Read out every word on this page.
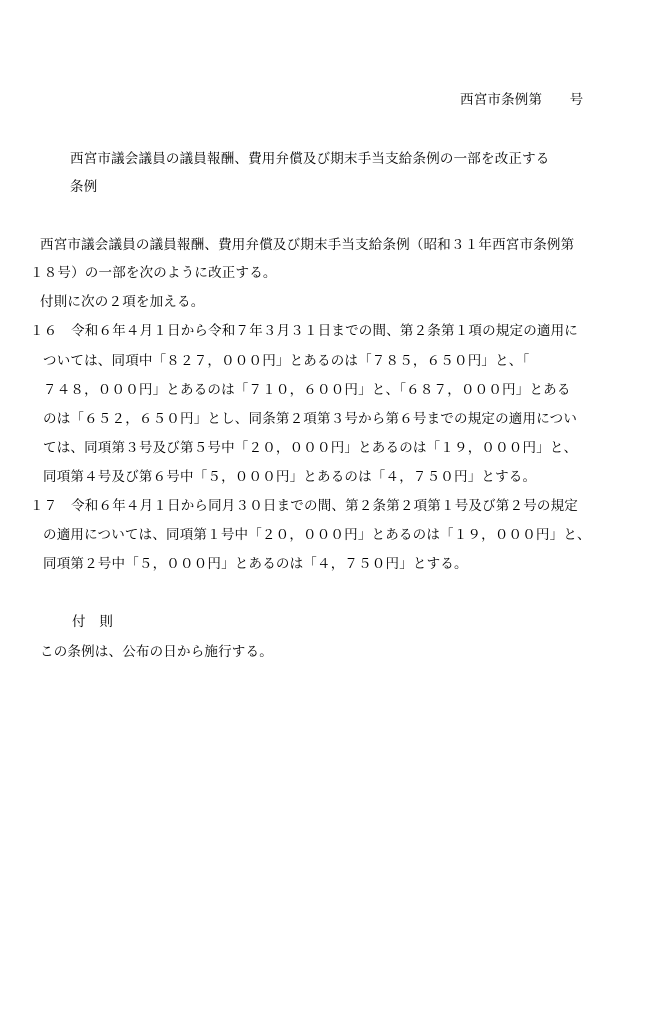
西宮市条例第　　号
西宮市議会議員の議員報酬、費用弁償及び期末手当支給条例の一部を改正する
条例
西宮市議会議員の議員報酬、費用弁償及び期末手当支給条例（昭和３１年西宮市条例第
１８号）の一部を次のように改正する。
付則に次の２項を加える。
１６　令和６年４月１日から令和７年３月３１日までの間、第２条第１項の規定の適用に
ついては、同項中「８２７，０００円」とあるのは「７８５，６５０円」と、「
７４８，０００円」とあるのは「７１０，６００円」と、「６８７，０００円」とある
のは「６５２，６５０円」とし、同条第２項第３号から第６号までの規定の適用につい
ては、同項第３号及び第５号中「２０，０００円」とあるのは「１９，０００円」と、
同項第４号及び第６号中「５，０００円」とあるのは「４，７５０円」とする。
１７　令和６年４月１日から同月３０日までの間、第２条第２項第１号及び第２号の規定
の適用については、同項第１号中「２０，０００円」とあるのは「１９，０００円」と、
同項第２号中「５，０００円」とあるのは「４，７５０円」とする。
付　則
この条例は、公布の日から施行する。
